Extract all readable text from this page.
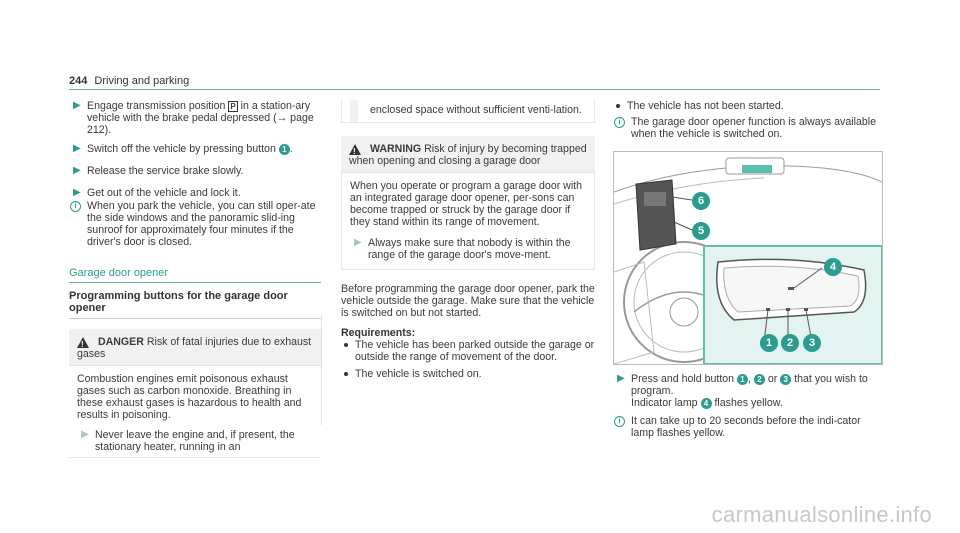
244 Driving and parking
▶ Engage transmission position P in a station-ary vehicle with the brake pedal depressed (→ page 212).
▶ Switch off the vehicle by pressing button 1 .
▶ Release the service brake slowly.
▶ Get out of the vehicle and lock it.
i When you park the vehicle, you can still oper-ate the side windows and the panoramic slid-ing sunroof for approximately four minutes if the driver's door is closed.
Garage door opener
Programming buttons for the garage door opener
! DANGER Risk of fatal injuries due to exhaust gases
Combustion engines emit poisonous exhaust gases such as carbon monoxide. Breathing in these exhaust gases is hazardous to health and results in poisoning.
▶ Never leave the engine and, if present, the stationary heater, running in an
enclosed space without sufficient venti-lation.
! WARNING Risk of injury by becoming trapped when opening and closing a garage door
When you operate or program a garage door with an integrated garage door opener, per-sons can become trapped or struck by the garage door if they stand within its range of movement.
▶ Always make sure that nobody is within the range of the garage door's move-ment.
Before programming the garage door opener, park the vehicle outside the garage. Make sure that the vehicle is switched on but not started.
Requirements:
The vehicle has been parked outside the garage or outside the range of movement of the door.
The vehicle is switched on.
The vehicle has not been started.
i The garage door opener function is always available when the vehicle is switched on.
1	2	3
4
5
6
▶ Press and hold button 1 , 2 or 3 that you wish to program.
Indicator lamp 4 flashes yellow.
i It can take up to 20 seconds before the indi-cator lamp flashes yellow.
carmanualsonline.info
